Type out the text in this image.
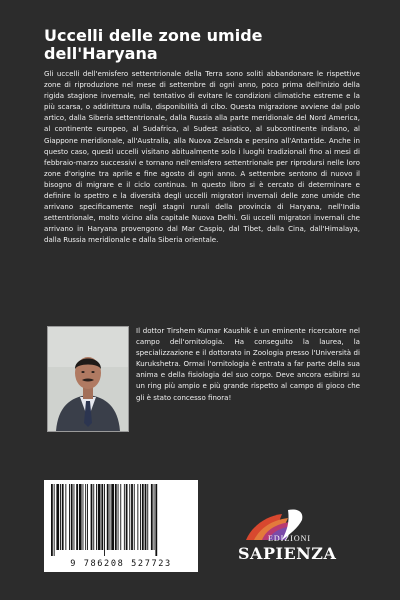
Uccelli delle zone umide
dell'Haryana

Gli uccelli dell'emisfero settentrionale della Terra sono soliti abbandonare le rispettive zone di riproduzione nel mese di settembre di ogni anno, poco prima dell'inizio della rigida stagione invernale, nel tentativo di evitare le condizioni climatiche estreme e la più scarsa, o addirittura nulla, disponibilità di cibo. Questa migrazione avviene dal polo artico, dalla Siberia settentrionale, dalla Russia alla parte meridionale del Nord America, al continente europeo, al Sudafrica, al Sudest asiatico, al subcontinente indiano, al Giappone meridionale, all'Australia, alla Nuova Zelanda e persino all'Antartide. Anche in questo caso, questi uccelli visitano abitualmente solo i luoghi tradizionali fino ai mesi di febbraio-marzo successivi e tornano nell'emisfero settentrionale per riprodursi nelle loro zone d'origine tra aprile e fine agosto di ogni anno. A settembre sentono di nuovo il bisogno di migrare e il ciclo continua. In questo libro si è cercato di determinare e definire lo spettro e la diversità degli uccelli migratori invernali delle zone umide che arrivano specificamente negli stagni rurali della provincia di Haryana, nell'India settentrionale, molto vicino alla capitale Nuova Delhi. Gli uccelli migratori invernali che arrivano in Haryana provengono dal Mar Caspio, dal Tibet, dalla Cina, dall'Himalaya, dalla Russia meridionale e dalla Siberia orientale.

Il dottor Tirshem Kumar Kaushik è un eminente ricercatore nel campo dell'ornitologia. Ha conseguito la laurea, la specializzazione e il dottorato in Zoologia presso l'Università di Kurukshetra. Ormai l'ornitologia è entrata a far parte della sua anima e della fisiologia del suo corpo. Deve ancora esibirsi su un ring più ampio e più grande rispetto al campo di gioco che gli è stato concesso finora!

9 786208 527723
EDIZIONI
SAPIENZA
